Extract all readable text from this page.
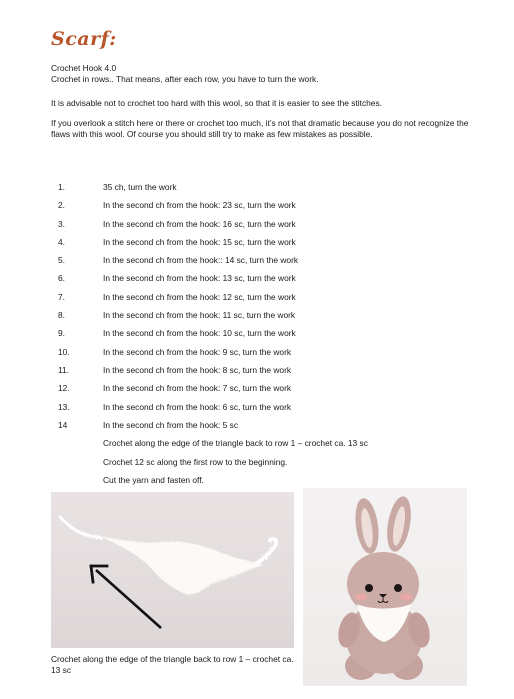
Scarf:
Crochet Hook 4.0
Crochet in rows.. That means, after each row, you have to turn the work.
It is advisable not to crochet too hard with this wool, so that it is easier to see the stitches.
If you overlook a stitch here or there or crochet too much, it’s not that dramatic because you do not recognize the flaws with this wool. Of course you should still try to make as few mistakes as possible.
1.	35 ch, turn the work
2.	In the second ch from the hook: 23 sc, turn the work
3.	In the second ch from the hook: 16 sc, turn the work
4.	In the second ch from the hook: 15 sc, turn the work
5.	In the second ch from the hook:: 14 sc, turn the work
6.	In the second ch from the hook: 13 sc, turn the work
7.	In the second ch from the hook: 12 sc, turn the work
8.	In the second ch from the hook: 11 sc, turn the work
9.	In the second ch from the hook: 10 sc, turn the work
10.	In the second ch from the hook: 9 sc, turn the work
11.	In the second ch from the hook: 8 sc, turn the work
12.	In the second ch from the hook: 7 sc, turn the work
13.	In the second ch from the hook: 6 sc, turn the work
14	In the second ch from the hook: 5 sc
Crochet along the edge of the triangle back to row 1 – crochet ca. 13 sc
Crochet 12 sc along the first row to the beginning.
Cut the yarn and fasten off.
Crochet along the edge of the triangle back to row 1 – crochet ca. 13 sc
